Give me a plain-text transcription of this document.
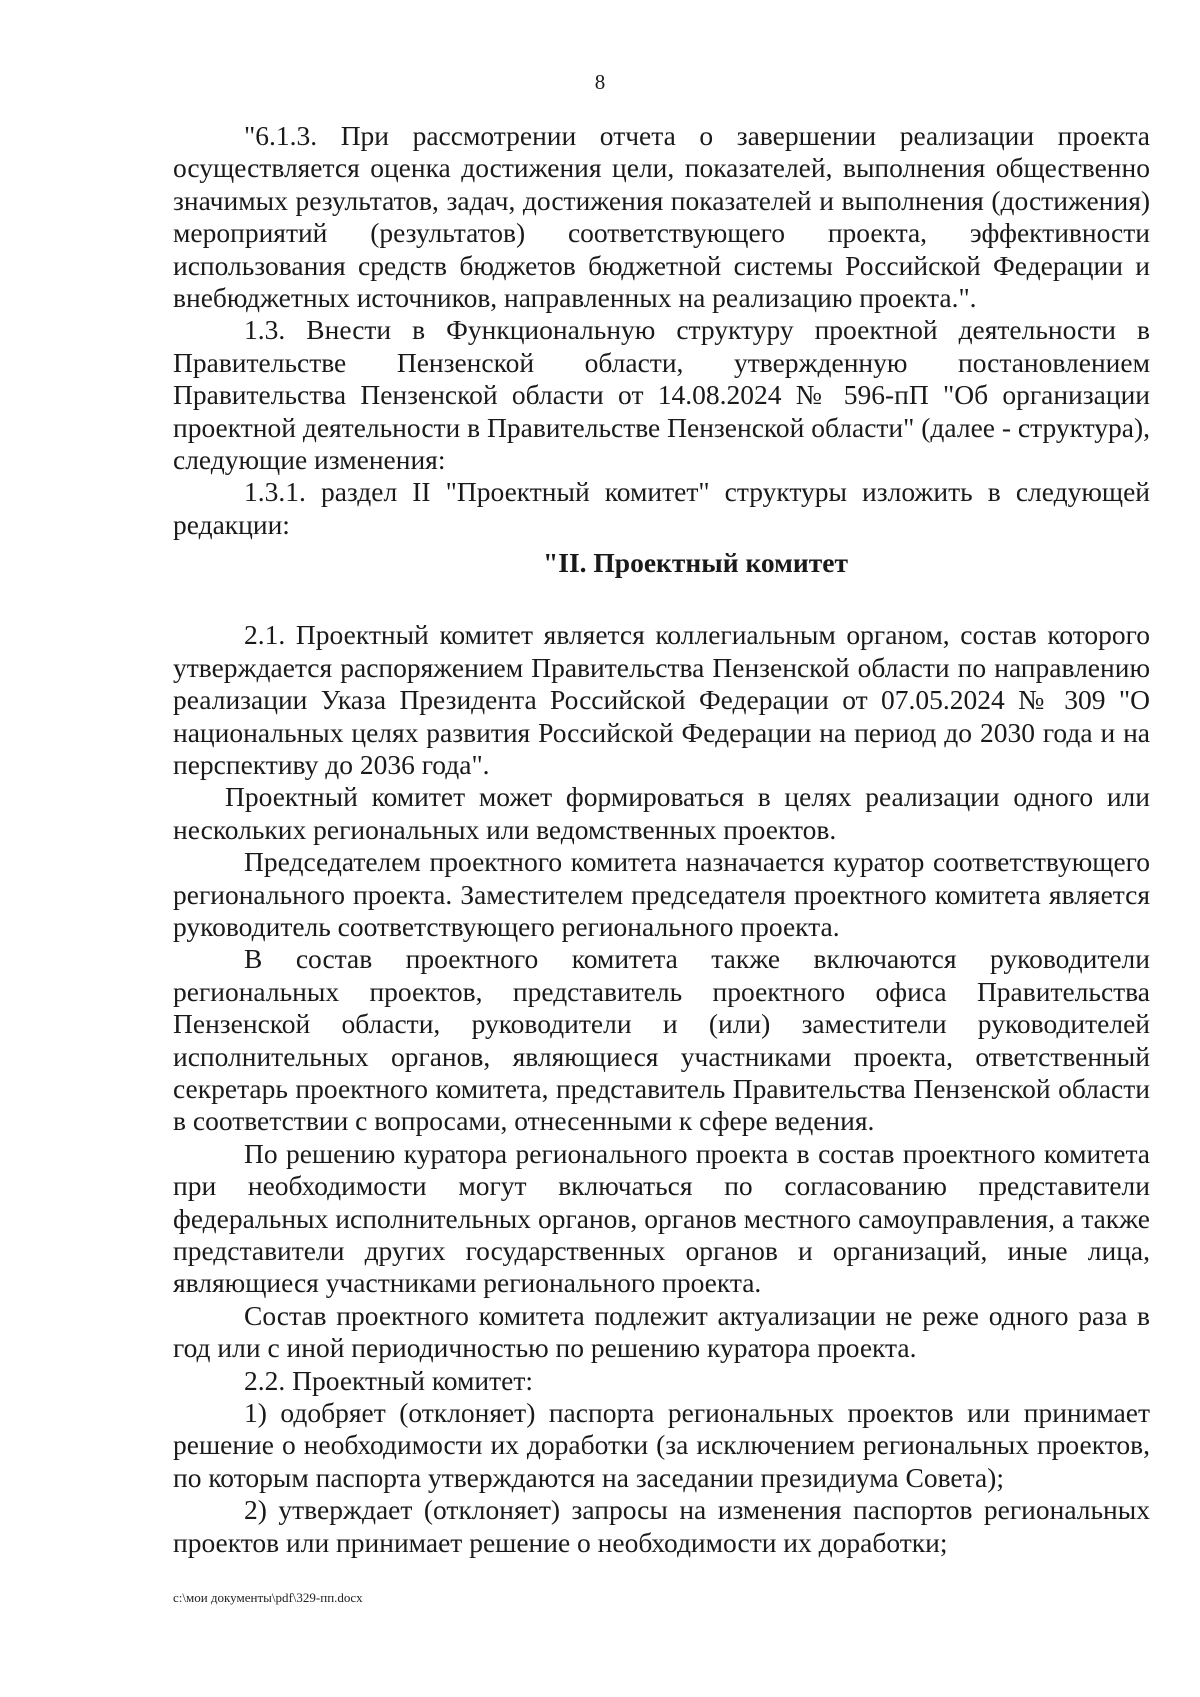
8

"6.1.3. При рассмотрении отчета о завершении реализации проекта осуществляется оценка достижения цели, показателей, выполнения общественно значимых результатов, задач, достижения показателей и выполнения (достижения) мероприятий (результатов) соответствующего проекта, эффективности использования средств бюджетов бюджетной системы Российской Федерации и внебюджетных источников, направленных на реализацию проекта.".

1.3. Внести в Функциональную структуру проектной деятельности в Правительстве Пензенской области, утвержденную постановлением Правительства Пензенской области от 14.08.2024 № 596-пП "Об организации проектной деятельности в Правительстве Пензенской области" (далее - структура), следующие изменения:

1.3.1. раздел II "Проектный комитет" структуры изложить в следующей редакции:

"II. Проектный комитет

2.1. Проектный комитет является коллегиальным органом, состав которого утверждается распоряжением Правительства Пензенской области по направлению реализации Указа Президента Российской Федерации от 07.05.2024 № 309 "О национальных целях развития Российской Федерации на период до 2030 года и на перспективу до 2036 года".

Проектный комитет может формироваться в целях реализации одного или нескольких региональных или ведомственных проектов.

Председателем проектного комитета назначается куратор соответствующего регионального проекта. Заместителем председателя проектного комитета является руководитель соответствующего регионального проекта.

В состав проектного комитета также включаются руководители региональных проектов, представитель проектного офиса Правительства Пензенской области, руководители и (или) заместители руководителей исполнительных органов, являющиеся участниками проекта, ответственный секретарь проектного комитета, представитель Правительства Пензенской области в соответствии с вопросами, отнесенными к сфере ведения.

По решению куратора регионального проекта в состав проектного комитета при необходимости могут включаться по согласованию представители федеральных исполнительных органов, органов местного самоуправления, а также представители других государственных органов и организаций, иные лица, являющиеся участниками регионального проекта.

Состав проектного комитета подлежит актуализации не реже одного раза в год или с иной периодичностью по решению куратора проекта.

2.2. Проектный комитет:

1) одобряет (отклоняет) паспорта региональных проектов или принимает решение о необходимости их доработки (за исключением региональных проектов, по которым паспорта утверждаются на заседании президиума Совета);

2) утверждает (отклоняет) запросы на изменения паспортов региональных проектов или принимает решение о необходимости их доработки;

c:\мои документы\pdf\329-пп.docx
